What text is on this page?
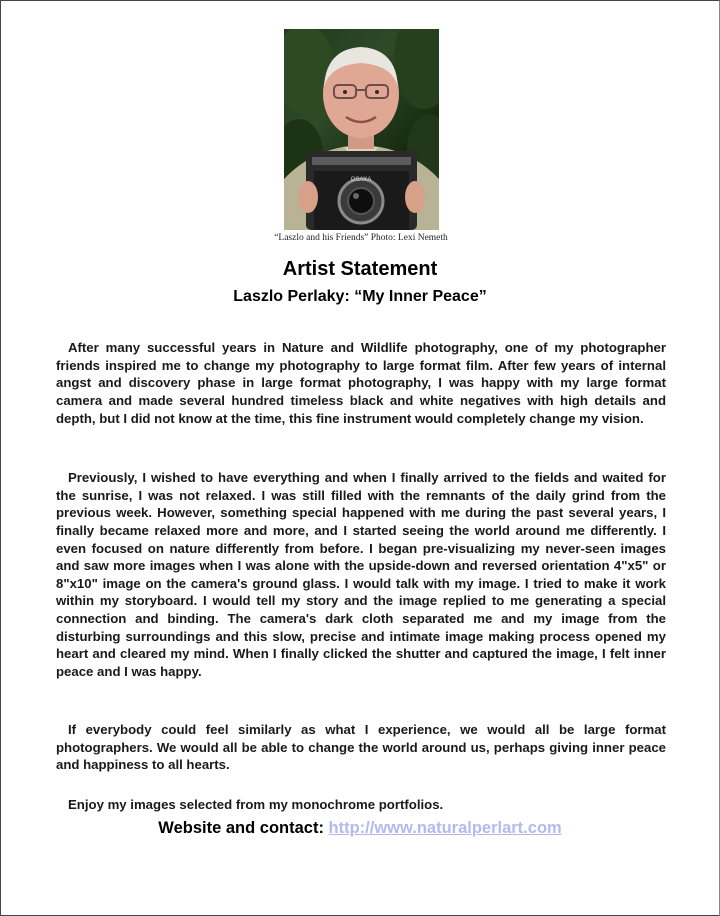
OSAKA
“Laszlo and his Friends” Photo: Lexi Nemeth
Artist Statement
Laszlo Perlaky: “My Inner Peace”

After many successful years in Nature and Wildlife photography, one of my photographer friends inspired me to change my photography to large format film. After few years of internal angst and discovery phase in large format photography, I was happy with my large format camera and made several hundred timeless black and white negatives with high details and depth, but I did not know at the time, this fine instrument would completely change my vision.

Previously, I wished to have everything and when I finally arrived to the fields and waited for the sunrise, I was not relaxed. I was still filled with the remnants of the daily grind from the previous week. However, something special happened with me during the past several years, I finally became relaxed more and more, and I started seeing the world around me differently. I even focused on nature differently from before. I began pre-visualizing my never-seen images and saw more images when I was alone with the upside-down and reversed orientation 4"x5" or 8"x10" image on the camera's ground glass. I would talk with my image. I tried to make it work within my storyboard. I would tell my story and the image replied to me generating a special connection and binding. The camera's dark cloth separated me and my image from the disturbing surroundings and this slow, precise and intimate image making process opened my heart and cleared my mind. When I finally clicked the shutter and captured the image, I felt inner peace and I was happy.

If everybody could feel similarly as what I experience, we would all be large format photographers. We would all be able to change the world around us, perhaps giving inner peace and happiness to all hearts.

Enjoy my images selected from my monochrome portfolios.

Website and contact: http://www.naturalperlart.com
